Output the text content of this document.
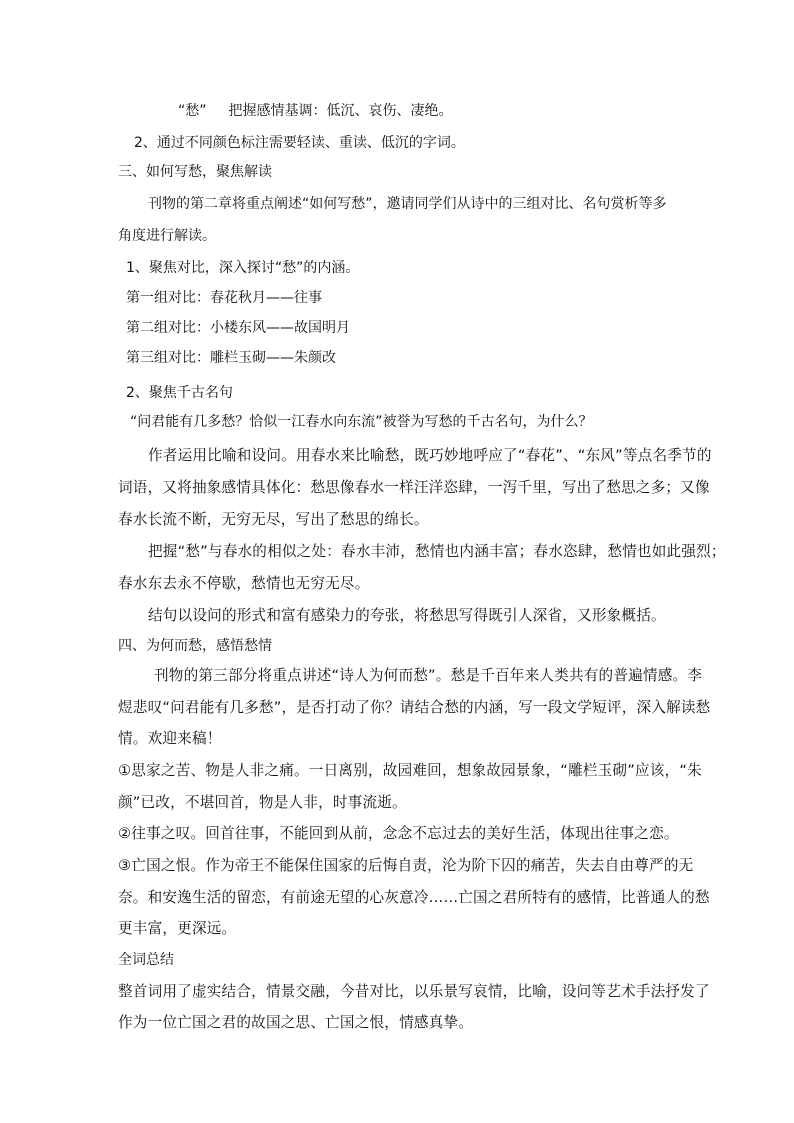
“愁” 把握感情基调：低沉、哀伤、凄绝。
2、通过不同颜色标注需要轻读、重读、低沉的字词。
三、如何写愁，聚焦解读
刊物的第二章将重点阐述“如何写愁”，邀请同学们从诗中的三组对比、名句赏析等多
角度进行解读。
1、聚焦对比，深入探讨“愁”的内涵。
第一组对比：春花秋月——往事
第二组对比：小楼东风——故国明月
第三组对比：雕栏玉砌——朱颜改
2、聚焦千古名句
“问君能有几多愁？恰似一江春水向东流”被誉为写愁的千古名句，为什么？
作者运用比喻和设问。用春水来比喻愁，既巧妙地呼应了“春花”、“东风”等点名季节的
词语，又将抽象感情具体化：愁思像春水一样汪洋恣肆，一泻千里，写出了愁思之多；又像
春水长流不断，无穷无尽，写出了愁思的绵长。
把握“愁”与春水的相似之处：春水丰沛，愁情也内涵丰富；春水恣肆，愁情也如此强烈；
春水东去永不停歇，愁情也无穷无尽。
结句以设问的形式和富有感染力的夸张，将愁思写得既引人深省，又形象概括。
四、为何而愁，感悟愁情
刊物的第三部分将重点讲述“诗人为何而愁”。愁是千百年来人类共有的普遍情感。李
煜悲叹“问君能有几多愁”，是否打动了你？请结合愁的内涵，写一段文学短评，深入解读愁
情。欢迎来稿！
①思家之苦、物是人非之痛。一日离别，故园难回，想象故园景象，“雕栏玉砌”应该，“朱
颜”已改，不堪回首，物是人非，时事流逝。
②往事之叹。回首往事，不能回到从前，念念不忘过去的美好生活，体现出往事之恋。
③亡国之恨。作为帝王不能保住国家的后悔自责，沦为阶下囚的痛苦，失去自由尊严的无
奈。和安逸生活的留恋，有前途无望的心灰意冷……亡国之君所特有的感情，比普通人的愁
更丰富，更深远。
全词总结
整首词用了虚实结合，情景交融，今昔对比，以乐景写哀情，比喻，设问等艺术手法抒发了
作为一位亡国之君的故国之思、亡国之恨，情感真挚。
